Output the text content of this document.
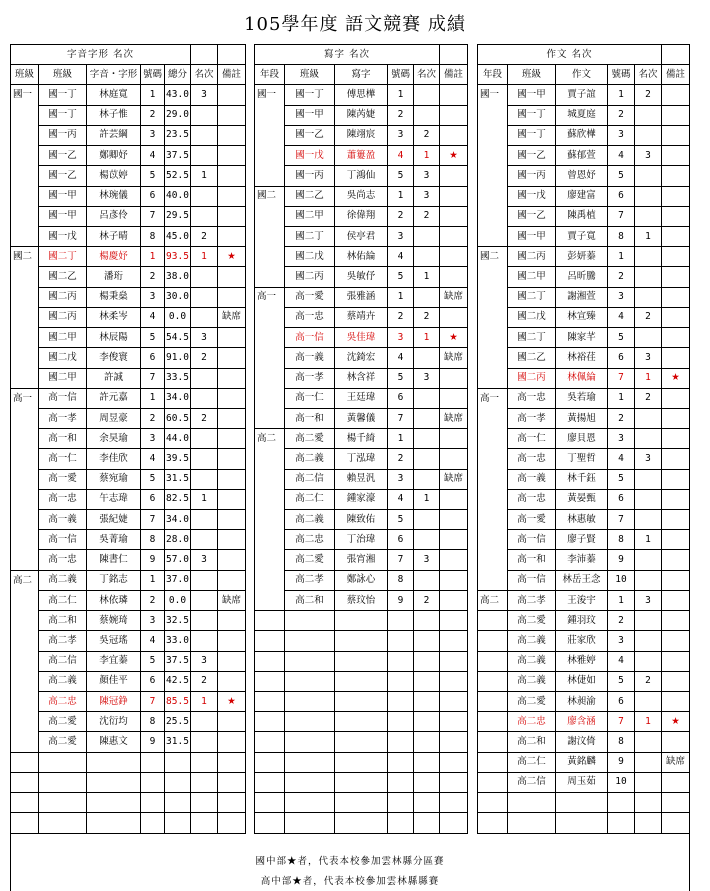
105學年度 語文競賽 成績
字音字形 名次								寫字 名次							作文 名次					
班級	班級	字音・字形	號碼	總分	名次	備註		年段	班級	寫字	號碼	名次	備註		年段	班級	作文	號碼	名次	備註
國一	國一丁	林庭寬	1	43.0	3			國一	國一丁	傅思樺	1				國一	國一甲	賈子誼	1	2	
	國一丁	林子惟	2	29.0					國一甲	陳芮婕	2					國一丁	城夏庭	2		
	國一丙	許芸綱	3	23.5					國一乙	陳翊宸	3	2				國一丁	蘇欣樺	3		
	國一乙	鄭卿妤	4	37.5					國一戊	蕭簍盈	4	1	★			國一乙	蘇郁萱	4	3	
	國一乙	楊苡婷	5	52.5	1				國一丙	丁鴻仙	5	3				國一丙	曾恩妤	5		
	國一甲	林琬儀	6	40.0				國二	國二乙	吳尚志	1	3				國一戊	廖建富	6		
	國一甲	呂彥伶	7	29.5					國二甲	徐偉翔	2	2				國一乙	陳禹植	7		
	國一戊	林子晴	8	45.0	2				國二丁	侯亭君	3					國一甲	賈子寬	8	1	
國二	國二丁	楊慶妤	1	93.5	1	★			國二戊	林佑綸	4				國二	國二丙	彭妍蓁	1		
	國二乙	潘珩	2	38.0					國二丙	吳敏伃	5	1				國二甲	呂昕騰	2		
	國二丙	楊秉燊	3	30.0				高一	高一愛	張雅涵	1		缺席			國二丁	謝湘萱	3		
	國二丙	林柔岑	4	0.0		缺席			高一忠	蔡靖卉	2	2				國二戊	林宣臻	4	2	
	國二甲	林辰陽	5	54.5	3				高一信	吳佳瑋	3	1	★			國二丁	陳家芊	5		
	國二戊	李俊寰	6	91.0	2				高一義	沈錡宏	4		缺席			國二乙	林裕荏	6	3	
	國二甲	許誠	7	33.5					高一孝	林含祥	5	3				國二丙	林佩綸	7	1	★
高一	高一信	許元嘉	1	34.0					高一仁	王廷瑋	6				高一	高一忠	吳若瑜	1	2	
	高一孝	周昱豪	2	60.5	2				高一和	黃馨儀	7		缺席			高一孝	黃揚旭	2		
	高一和	余昊瑜	3	44.0				高二	高二愛	楊千綺	1					高一仁	廖貝恩	3		
	高一仁	李佳欣	4	39.5					高二義	丁泓瑋	2					高一忠	丁聖哲	4	3	
	高一愛	蔡宛瑜	5	31.5					高二信	賴昱汎	3		缺席			高一義	林千鈺	5		
	高一忠	午志瑋	6	82.5	1				高二仁	鍾家濠	4	1				高一忠	黃晏甄	6		
	高一義	張紀婕	7	34.0					高二義	陳致佑	5					高一愛	林惠敏	7		
	高一信	吳菁瑜	8	28.0					高二忠	丁治瑋	6					高一信	廖子賢	8	1	
	高一忠	陳書仁	9	57.0	3				高二愛	張宵湘	7	3				高一和	李沛蓁	9		
高二	高二義	丁銘志	1	37.0					高二孝	鄭詠心	8					高一信	林岳王念	10		
	高二仁	林依璘	2	0.0		缺席			高二和	蔡玟怡	9	2			高二	高二孝	王浚宇	1	3	
	高二和	蔡婉琦	3	32.5												高二愛	鍾羽玟	2		
	高二孝	吳冠瑤	4	33.0												高二義	莊家欣	3		
	高二信	李宜蓁	5	37.5	3											高二義	林雅婷	4		
	高二義	顏佳平	6	42.5	2											高二義	林倢如	5	2	
	高二忠	陳冠錚	7	85.5	1	★										高二愛	林昶渝	6		
	高二愛	沈衍均	8	25.5												高二忠	廖含涵	7	1	★
	高二愛	陳惠文	9	31.5												高二和	謝汶倚	8		
																高二仁	黃銘麟	9		缺席
																高二信	周玉茹	10		

國中部★者，代表本校參加雲林縣分區賽																				
高中部★者，代表本校參加雲林縣縣賽																				
